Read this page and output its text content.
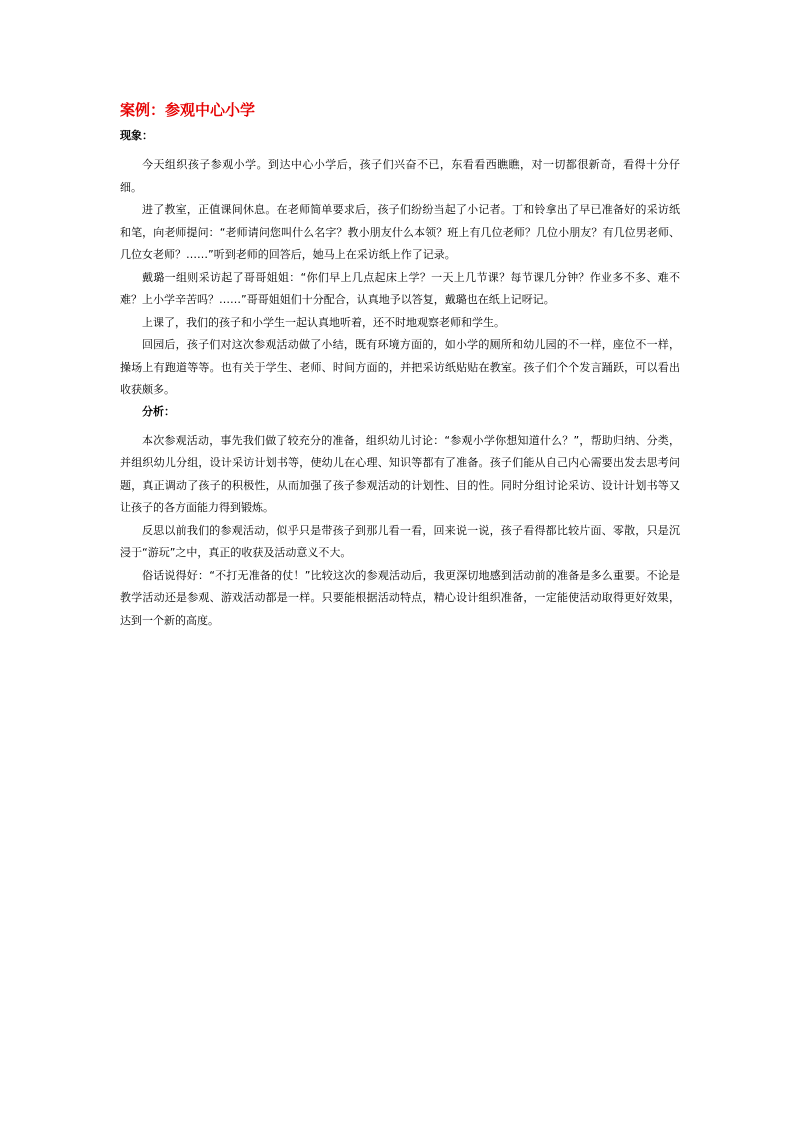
案例：参观中心小学
现象：

今天组织孩子参观小学。到达中心小学后，孩子们兴奋不已，东看看西瞧瞧，对一切都很新奇，看得十分仔细。

进了教室，正值课间休息。在老师简单要求后，孩子们纷纷当起了小记者。丁和铃拿出了早已准备好的采访纸和笔，向老师提问：“老师请问您叫什么名字？教小朋友什么本领？班上有几位老师？几位小朋友？有几位男老师、几位女老师？……”听到老师的回答后，她马上在采访纸上作了记录。

戴璐一组则采访起了哥哥姐姐：“你们早上几点起床上学？一天上几节课？每节课几分钟？作业多不多、难不难？上小学辛苦吗？……”哥哥姐姐们十分配合，认真地予以答复，戴璐也在纸上记呀记。

上课了，我们的孩子和小学生一起认真地听着，还不时地观察老师和学生。

回园后，孩子们对这次参观活动做了小结，既有环境方面的，如小学的厕所和幼儿园的不一样，座位不一样，操场上有跑道等等。也有关于学生、老师、时间方面的，并把采访纸贴贴在教室。孩子们个个发言踊跃，可以看出收获颇多。

分析：

本次参观活动，事先我们做了较充分的准备，组织幼儿讨论：“参观小学你想知道什么？”，帮助归纳、分类，并组织幼儿分组，设计采访计划书等，使幼儿在心理、知识等都有了准备。孩子们能从自己内心需要出发去思考问题，真正调动了孩子的积极性，从而加强了孩子参观活动的计划性、目的性。同时分组讨论采访、设计计划书等又让孩子的各方面能力得到锻炼。

反思以前我们的参观活动，似乎只是带孩子到那儿看一看，回来说一说，孩子看得都比较片面、零散，只是沉浸于“游玩”之中，真正的收获及活动意义不大。

俗话说得好：“不打无准备的仗！”比较这次的参观活动后，我更深切地感到活动前的准备是多么重要。不论是教学活动还是参观、游戏活动都是一样。只要能根据活动特点，精心设计组织准备，一定能使活动取得更好效果，达到一个新的高度。
